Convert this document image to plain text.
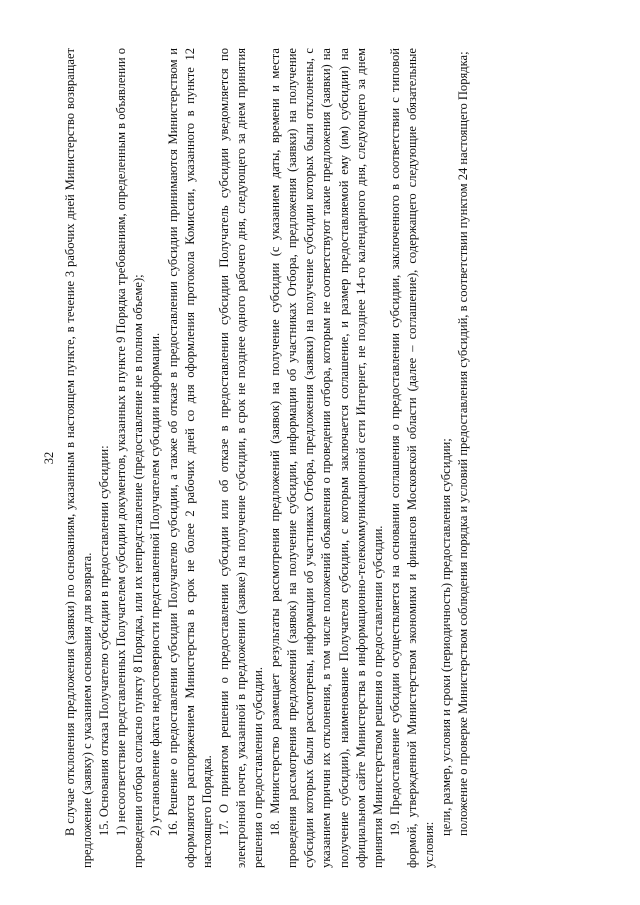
32 В случае отклонения предложения (заявки) по основаниям, указанным в настоящем пункте, в течение 3 рабочих дней Министерство возвращает предложение (заявку) с указанием основания для возврата. 15. Основания отказа Получателю субсидии в предоставлении субсидии: 1) несоответствие представленных Получателем субсидии документов, указанных в пункте 9 Порядка требованиям, определенным в объявлении о проведении отбора согласно пункту 8 Порядка, или их непредставление (предоставление не в полном объеме); 2) установление факта недостоверности представленной Получателем субсидии информации. 16. Решение о предоставлении субсидии Получателю субсидии, а также об отказе в предоставлении субсидии принимаются Министерством и оформляются распоряжением Министерства в срок не более 2 рабочих дней со дня оформления протокола Комиссии, указанного в пункте 12 настоящего Порядка. 17. О принятом решении о предоставлении субсидии или об отказе в предоставлении субсидии Получатель субсидии уведомляется по электронной почте, указанной в предложении (заявке) на получение субсидии, в срок не позднее одного рабочего дня, следующего за днем принятия решения о предоставлении субсидии. 18. Министерство размещает результаты рассмотрения предложений (заявок) на получение субсидии (с указанием даты, времени и места проведения рассмотрения предложений (заявок) на получение субсидии, информации об участниках Отбора, предложения (заявки) на получение субсидии которых были рассмотрены, информации об участниках Отбора, предложения (заявки) на получение субсидии которых были отклонены, с указанием причин их отклонения, в том числе положений объявления о проведении отбора, которым не соответствуют такие предложения (заявки) на получение субсидии), наименование Получателя субсидии, с которым заключается соглашение, и размер предоставляемой ему (им) субсидии) на официальном сайте Министерства в информационно-телекоммуникационной сети Интернет, не позднее 14-го календарного дня, следующего за днем принятия Министерством решения о предоставлении субсидии. 19. Предоставление субсидии осуществляется на основании соглашения о предоставлении субсидии, заключенного в соответствии с типовой формой, утвержденной Министерством экономики и финансов Московской области (далее – соглашение), содержащего следующие обязательные условия:

цели, размер, условия и сроки (периодичность) предоставления субсидии; положение о проверке Министерством соблюдения порядка и условий предоставления субсидий, в соответствии пунктом 24 настоящего Порядка;
